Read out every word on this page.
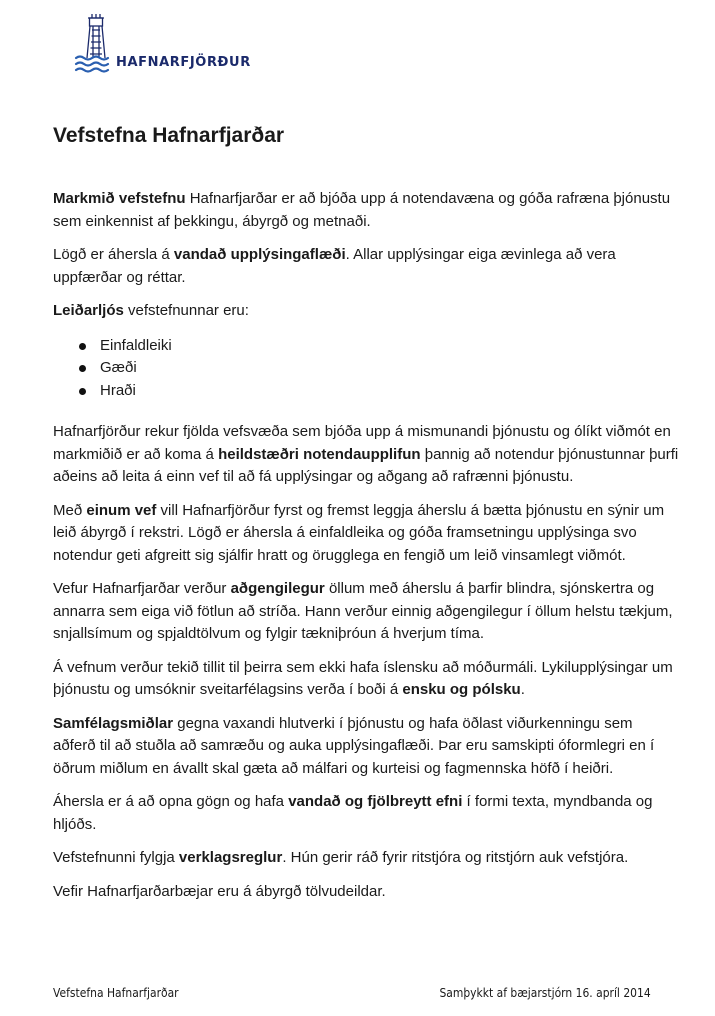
HAFNARFJÖRÐUR
Vefstefna Hafnarfjarðar

Markmið vefstefnu Hafnarfjarðar er að bjóða upp á notendavæna og góða rafræna þjónustu sem einkennist af þekkingu, ábyrgð og metnaði.

Lögð er áhersla á vandað upplýsingaflæði. Allar upplýsingar eiga ævinlega að vera uppfærðar og réttar.

Leiðarljós vefstefnunnar eru:

Einfaldleiki
Gæði
Hraði

Hafnarfjörður rekur fjölda vefsvæða sem bjóða upp á mismunandi þjónustu og ólíkt viðmót en markmiðið er að koma á heildstæðri notendaupplifun þannig að notendur þjónustunnar þurfi aðeins að leita á einn vef til að fá upplýsingar og aðgang að rafrænni þjónustu.

Með einum vef vill Hafnarfjörður fyrst og fremst leggja áherslu á bætta þjónustu en sýnir um leið ábyrgð í rekstri. Lögð er áhersla á einfaldleika og góða framsetningu upplýsinga svo notendur geti afgreitt sig sjálfir hratt og örugglega en fengið um leið vinsamlegt viðmót.

Vefur Hafnarfjarðar verður aðgengilegur öllum með áherslu á þarfir blindra, sjónskertra og annarra sem eiga við fötlun að stríða. Hann verður einnig aðgengilegur í öllum helstu tækjum, snjallsímum og spjaldtölvum og fylgir tækniþróun á hverjum tíma.

Á vefnum verður tekið tillit til þeirra sem ekki hafa íslensku að móðurmáli. Lykilupplýsingar um þjónustu og umsóknir sveitarfélagsins verða í boði á ensku og pólsku.

Samfélagsmiðlar gegna vaxandi hlutverki í þjónustu og hafa öðlast viðurkenningu sem aðferð til að stuðla að samræðu og auka upplýsingaflæði. Þar eru samskipti óformlegri en í öðrum miðlum en ávallt skal gæta að málfari og kurteisi og fagmennska höfð í heiðri.

Áhersla er á að opna gögn og hafa vandað og fjölbreytt efni í formi texta, myndbanda og hljóðs.

Vefstefnunni fylgja verklagsreglur. Hún gerir ráð fyrir ritstjóra og ritstjórn auk vefstjóra.

Vefir Hafnarfjarðarbæjar eru á ábyrgð tölvudeildar.

Vefstefna Hafnarfjarðar	Samþykkt af bæjarstjórn 16. apríl 2014
